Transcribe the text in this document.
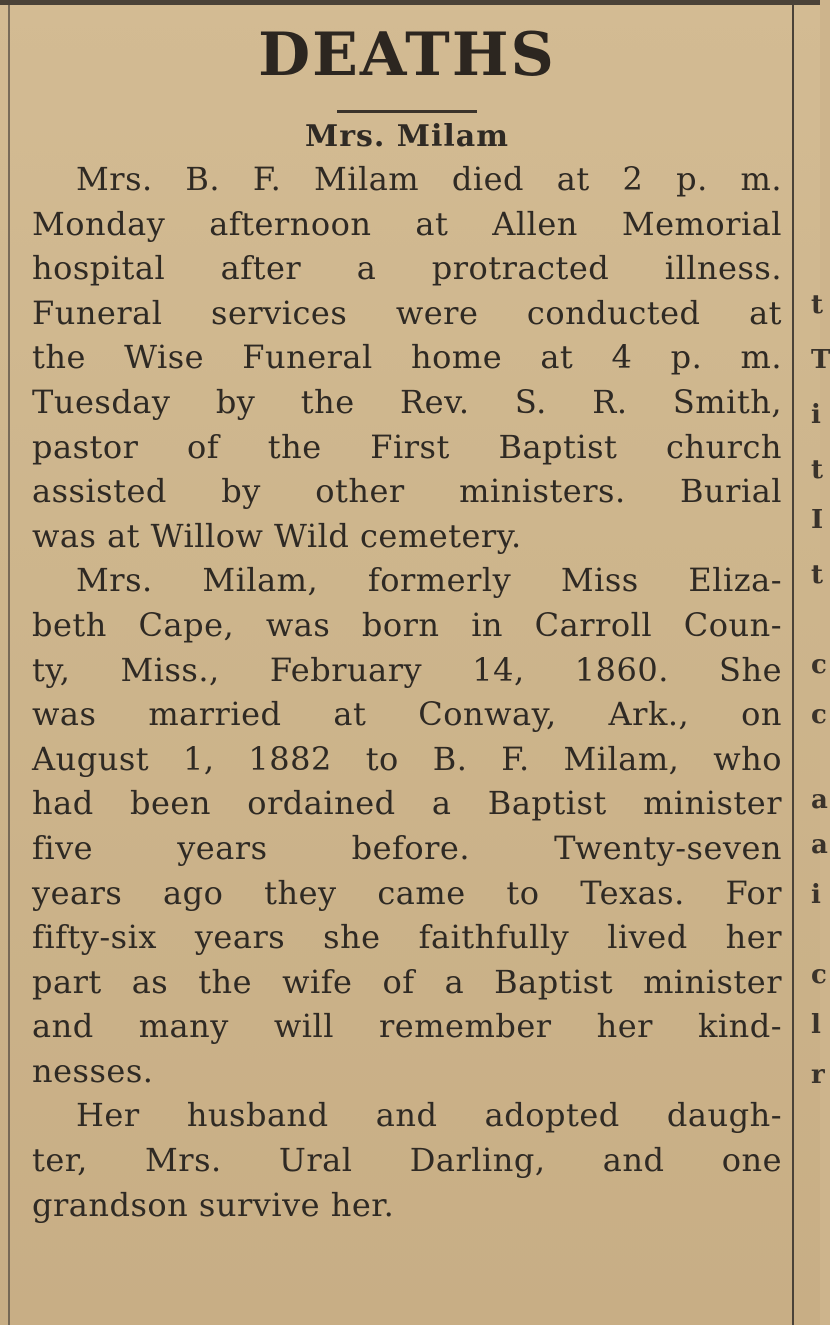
t
T
i
t
I
t
c
c
a
a
i
c
l
r
DEATHS
Mrs. Milam

Mrs. B. F. Milam died at 2 p. m.
Monday afternoon at Allen Memorial
hospital after a protracted illness.
Funeral services were conducted at
the Wise Funeral home at 4 p. m.
Tuesday by the Rev. S. R. Smith,
pastor of the First Baptist church
assisted by other ministers. Burial
was at Willow Wild cemetery.

Mrs. Milam, formerly Miss Eliza-
beth Cape, was born in Carroll Coun-
ty, Miss., February 14, 1860. She
was married at Conway, Ark., on
August 1, 1882 to B. F. Milam, who
had been ordained a Baptist minister
five years before. Twenty-seven
years ago they came to Texas. For
fifty-six years she faithfully lived her
part as the wife of a Baptist minister
and many will remember her kind-
nesses.

Her husband and adopted daugh-
ter, Mrs. Ural Darling, and one
grandson survive her.
